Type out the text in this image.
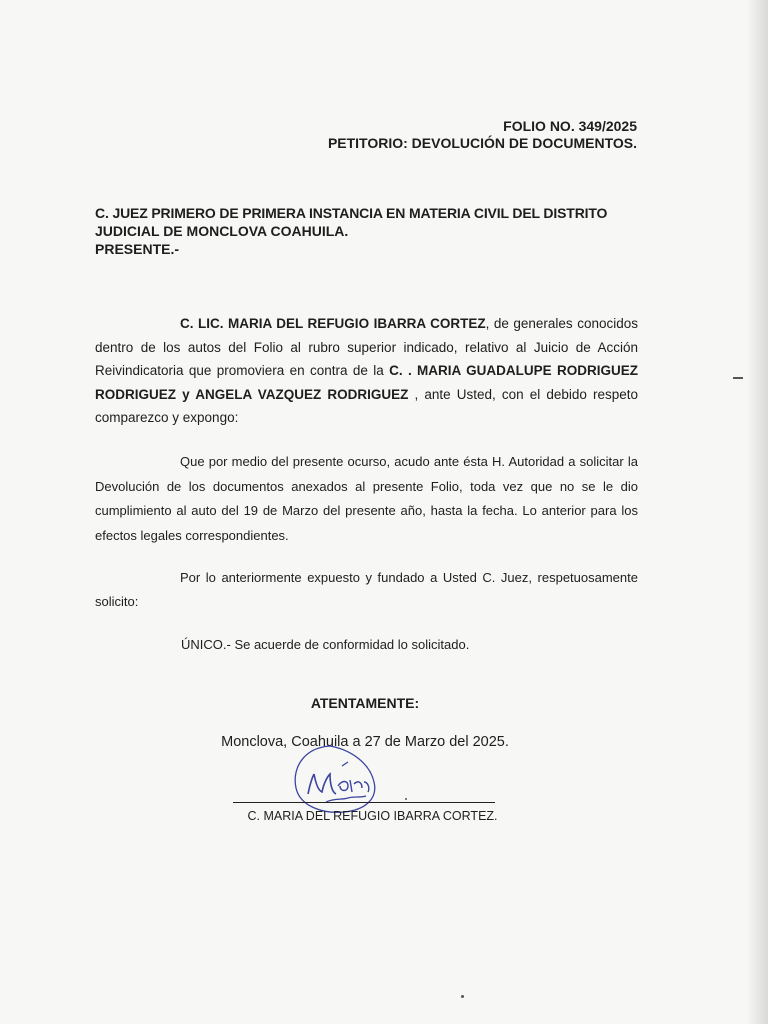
FOLIO NO. 349/2025
PETITORIO: DEVOLUCIÓN DE DOCUMENTOS.
C. JUEZ PRIMERO DE PRIMERA INSTANCIA EN MATERIA CIVIL DEL DISTRITO
JUDICIAL DE MONCLOVA COAHUILA.
PRESENTE.-
C. LIC. MARIA DEL REFUGIO IBARRA CORTEZ, de generales conocidos dentro de los autos del Folio al rubro superior indicado, relativo al Juicio de Acción Reivindicatoria que promoviera en contra de la C. . MARIA GUADALUPE RODRIGUEZ RODRIGUEZ y ANGELA VAZQUEZ RODRIGUEZ , ante Usted, con el debido respeto comparezco y expongo:

Que por medio del presente ocurso, acudo ante ésta H. Autoridad a solicitar la Devolución de los documentos anexados al presente Folio, toda vez que no se le dio cumplimiento al auto del 19 de Marzo del presente año, hasta la fecha. Lo anterior para los efectos legales correspondientes.

Por lo anteriormente expuesto y fundado a Usted C. Juez, respetuosamente solicito:

ÚNICO.- Se acuerde de conformidad lo solicitado.
ATENTAMENTE:
Monclova, Coahuila a 27 de Marzo del 2025.
C. MARIA DEL REFUGIO IBARRA CORTEZ.
